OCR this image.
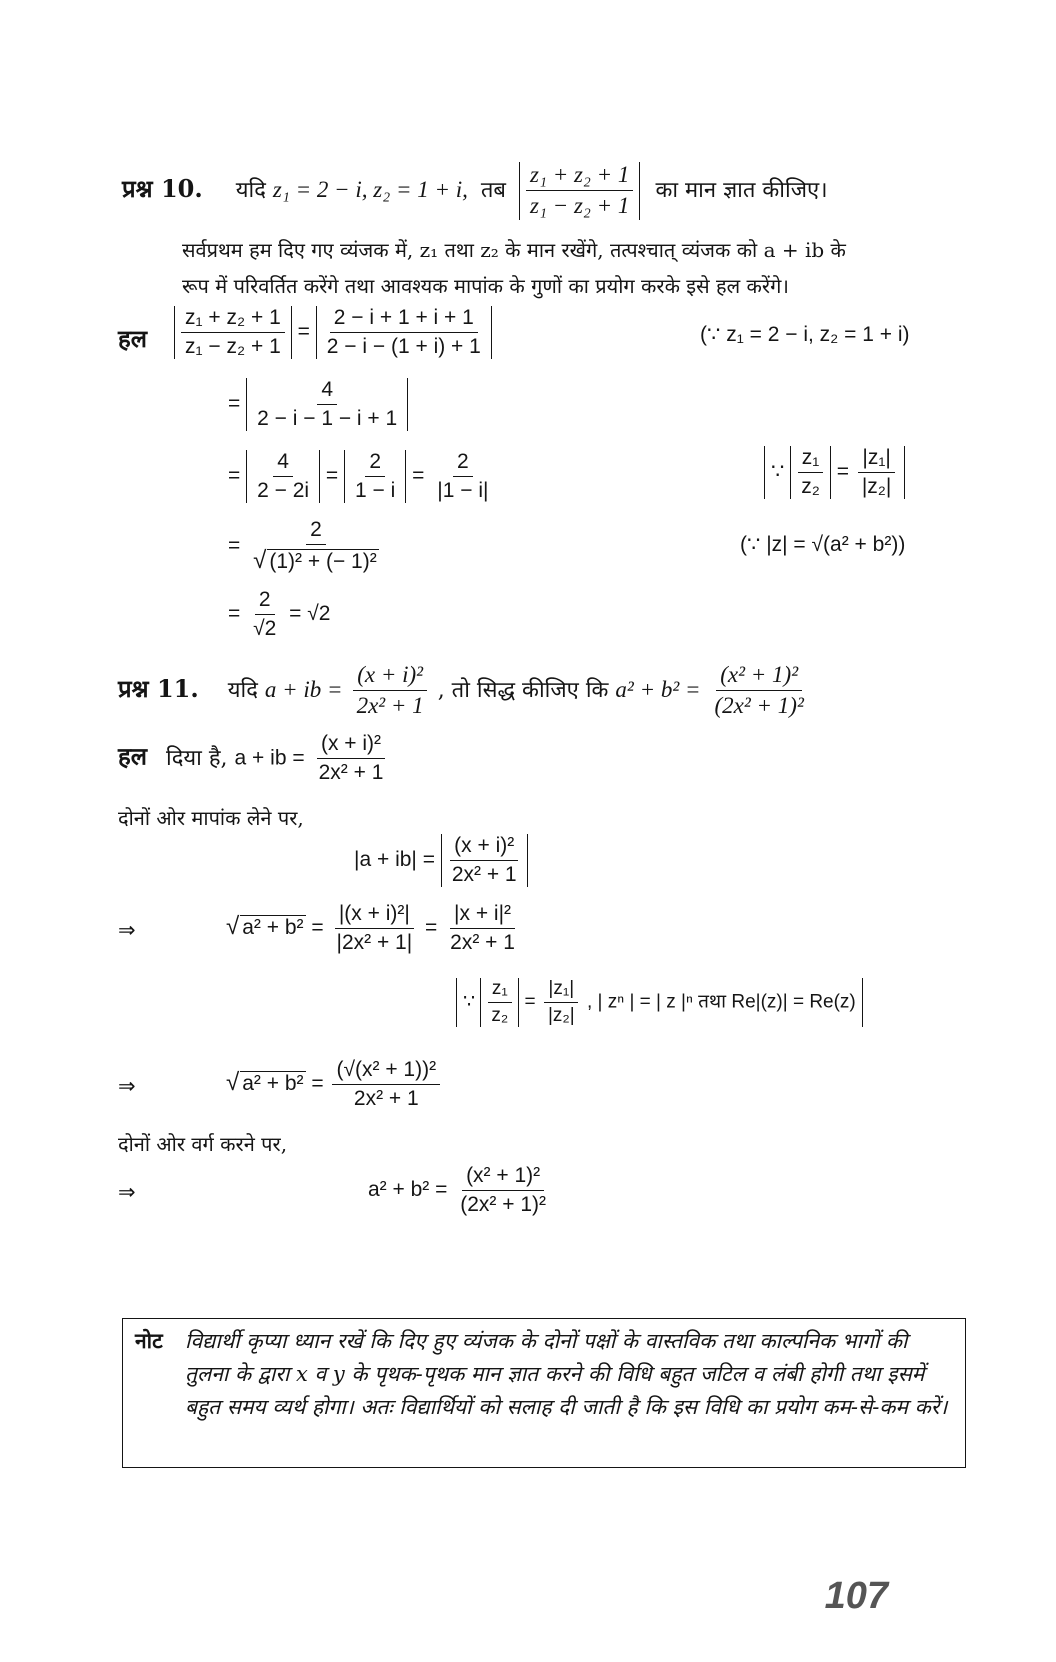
प्रश्न 10. यदि z₁ = 2 − i, z₂ = 1 + i, तब $\frac{\text{z₁ + z₂ + 1}}{\text{z₁ − z₂ + 1}}$ का मान ज्ञात कीजिए।
सर्वप्रथम हम दिए गए व्यंजक में, z₁ तथा z₂ के मान रखेंगे, तत्पश्चात् व्यंजक को a + ib के
रूप में परिवर्तित करेंगे तथा आवश्यक मापांक के गुणों का प्रयोग करके इसे हल करेंगे।
हल $\frac{\text{z₁ + z₂ + 1}}{\text{z₁ − z₂ + 1}} = \frac{2 - i + 1 + i + 1}{2 - i - (1 + i) + 1}$	(∵ z₁ = 2 − i, z₂ = 1 + i)
= $\frac{4}{2 - i - 1 - i + 1}$
= $\frac{4}{2 - 2i} = \frac{2}{1 - i} = \frac{2}{|1 - i|}$	∵ $\frac{\text{z₁}}{\text{z₂}} = \frac{\text{|z₁|}}{\text{|z₂|}}$
= $\frac{2}{\text{√ (1)² + (− 1)²}}$	(∵ |z| = √(a² + b²))
= $\frac{2}{√2} = √2$
प्रश्न 11. यदि a + ib = $\frac{\text{(x + i)²}}{\text{2x² + 1}}$ , तो सिद्ध कीजिए कि $a^2 + b^2 = \frac{\text{(x² + 1)²}}{\text{(2x² + 1)²}}$
हल दिया है, a + ib = $\frac{\text{(x + i)²}}{\text{2x² + 1}}$
दोनों ओर मापांक लेने पर,
$|a + ib| = \frac{\text{(x + i)²}}{\text{2x² + 1}}$
⇒	√ $a^2 + b^2 = \frac{\text{|(x + i)²|}}{\text{|2x² + 1|}} = \frac{\text{|x + i|²}}{\text{2x² + 1}}$
∵ $\frac{\text{z₁}}{\text{z₂}} = \frac{\text{|z₁|}}{\text{|z₂|}}$ , | zⁿ | = | z |ⁿ तथा Re|(z)| = Re(z)
⇒	√ $a^2 + b^2 = \frac{\text{(√(x² + 1))²}}{\text{2x² + 1}}$
दोनों ओर वर्ग करने पर,
⇒	$a^2 + b^2 = \frac{\text{(x² + 1)²}}{\text{(2x² + 1)²}}$
नोट विद्यार्थी कृप्या ध्यान रखें कि दिए हुए व्यंजक के दोनों पक्षों के वास्तविक तथा काल्पनिक भागों की तुलना के द्वारा x व y के पृथक-पृथक मान ज्ञात करने की विधि बहुत जटिल व लंबी होगी तथा इसमें बहुत समय व्यर्थ होगा। अतः विद्यार्थियों को सलाह दी जाती है कि इस विधि का प्रयोग कम-से-कम करें।
107
